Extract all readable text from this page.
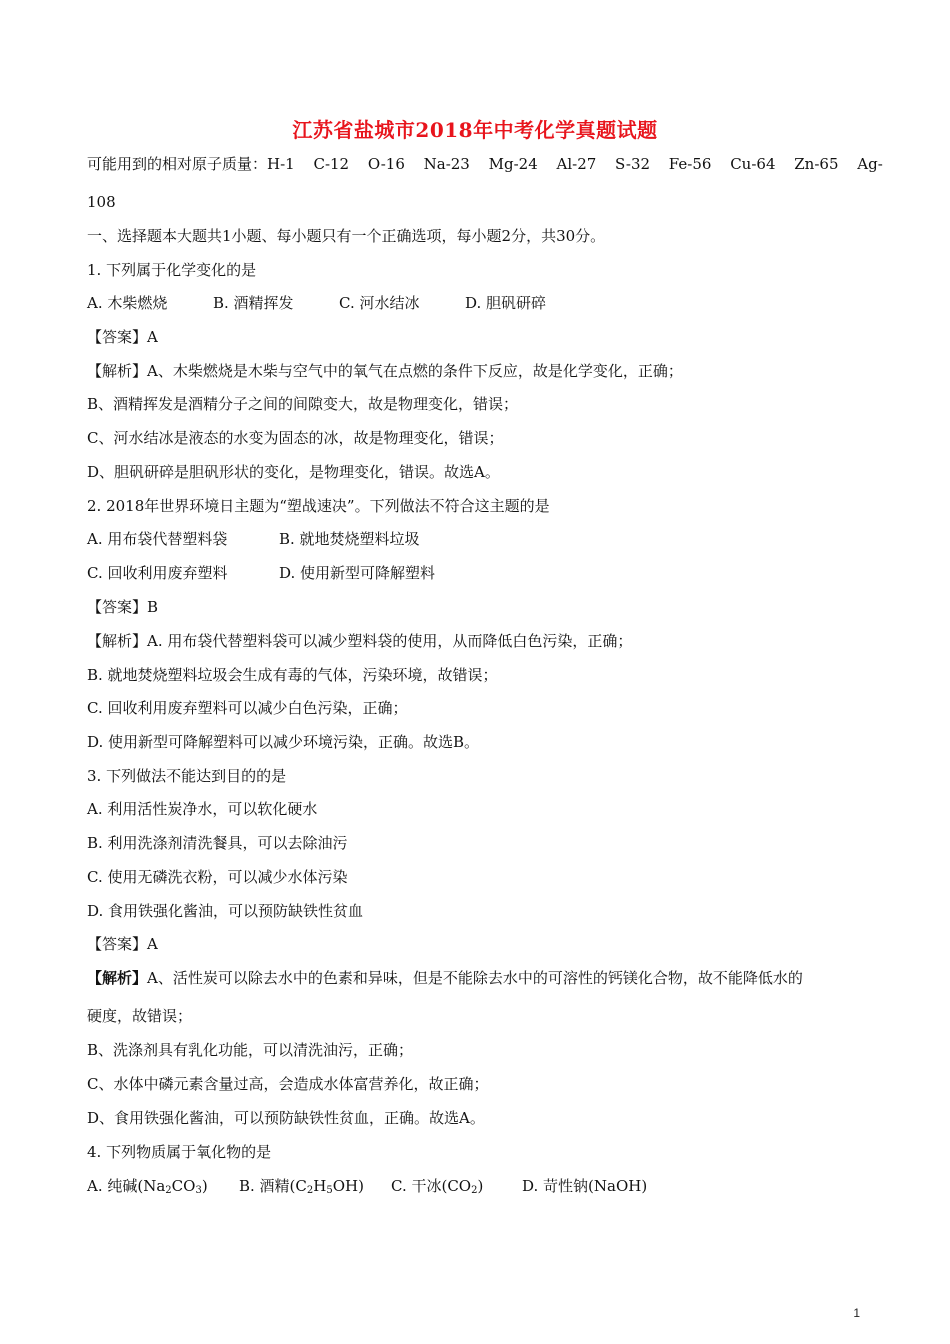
江苏省盐城市2018年中考化学真题试题
可能用到的相对原子质量：H-1 C-12 O-16 Na-23 Mg-24 Al-27 S-32 Fe-56 Cu-64 Zn-65 Ag-
108
一、选择题本大题共1小题、每小题只有一个正确选项，每小题2分，共30分。
1. 下列属于化学变化的是
A. 木柴燃烧	B. 酒精挥发	C. 河水结冰	D. 胆矾研碎
【答案】A
【解析】A、木柴燃烧是木柴与空气中的氧气在点燃的条件下反应，故是化学变化，正确；
B、酒精挥发是酒精分子之间的间隙变大，故是物理变化，错误；
C、河水结冰是液态的水变为固态的冰，故是物理变化，错误；
D、胆矾研碎是胆矾形状的变化，是物理变化，错误。故选A。
2. 2018年世界环境日主题为“塑战速决”。下列做法不符合这主题的是
A. 用布袋代替塑料袋	B. 就地焚烧塑料垃圾
C. 回收利用废弃塑料	D. 使用新型可降解塑料
【答案】B
【解析】A. 用布袋代替塑料袋可以减少塑料袋的使用，从而降低白色污染，正确；
B. 就地焚烧塑料垃圾会生成有毒的气体，污染环境，故错误；
C. 回收利用废弃塑料可以减少白色污染，正确；
D. 使用新型可降解塑料可以减少环境污染，正确。故选B。
3. 下列做法不能达到目的的是
A. 利用活性炭净水，可以软化硬水
B. 利用洗涤剂清洗餐具，可以去除油污
C. 使用无磷洗衣粉，可以减少水体污染
D. 食用铁强化酱油，可以预防缺铁性贫血
【答案】A
【解析】A、活性炭可以除去水中的色素和异味，但是不能除去水中的可溶性的钙镁化合物，故不能降低水的
硬度，故错误；
B、洗涤剂具有乳化功能，可以清洗油污，正确；
C、水体中磷元素含量过高，会造成水体富营养化，故正确；
D、食用铁强化酱油，可以预防缺铁性贫血，正确。故选A。
4. 下列物质属于氧化物的是
A. 纯碱$(Na_2CO_3)$ B. 酒精$(C_2H_5OH)$ C. 干冰$(CO_2)$	D. 苛性钠(NaOH)
1
